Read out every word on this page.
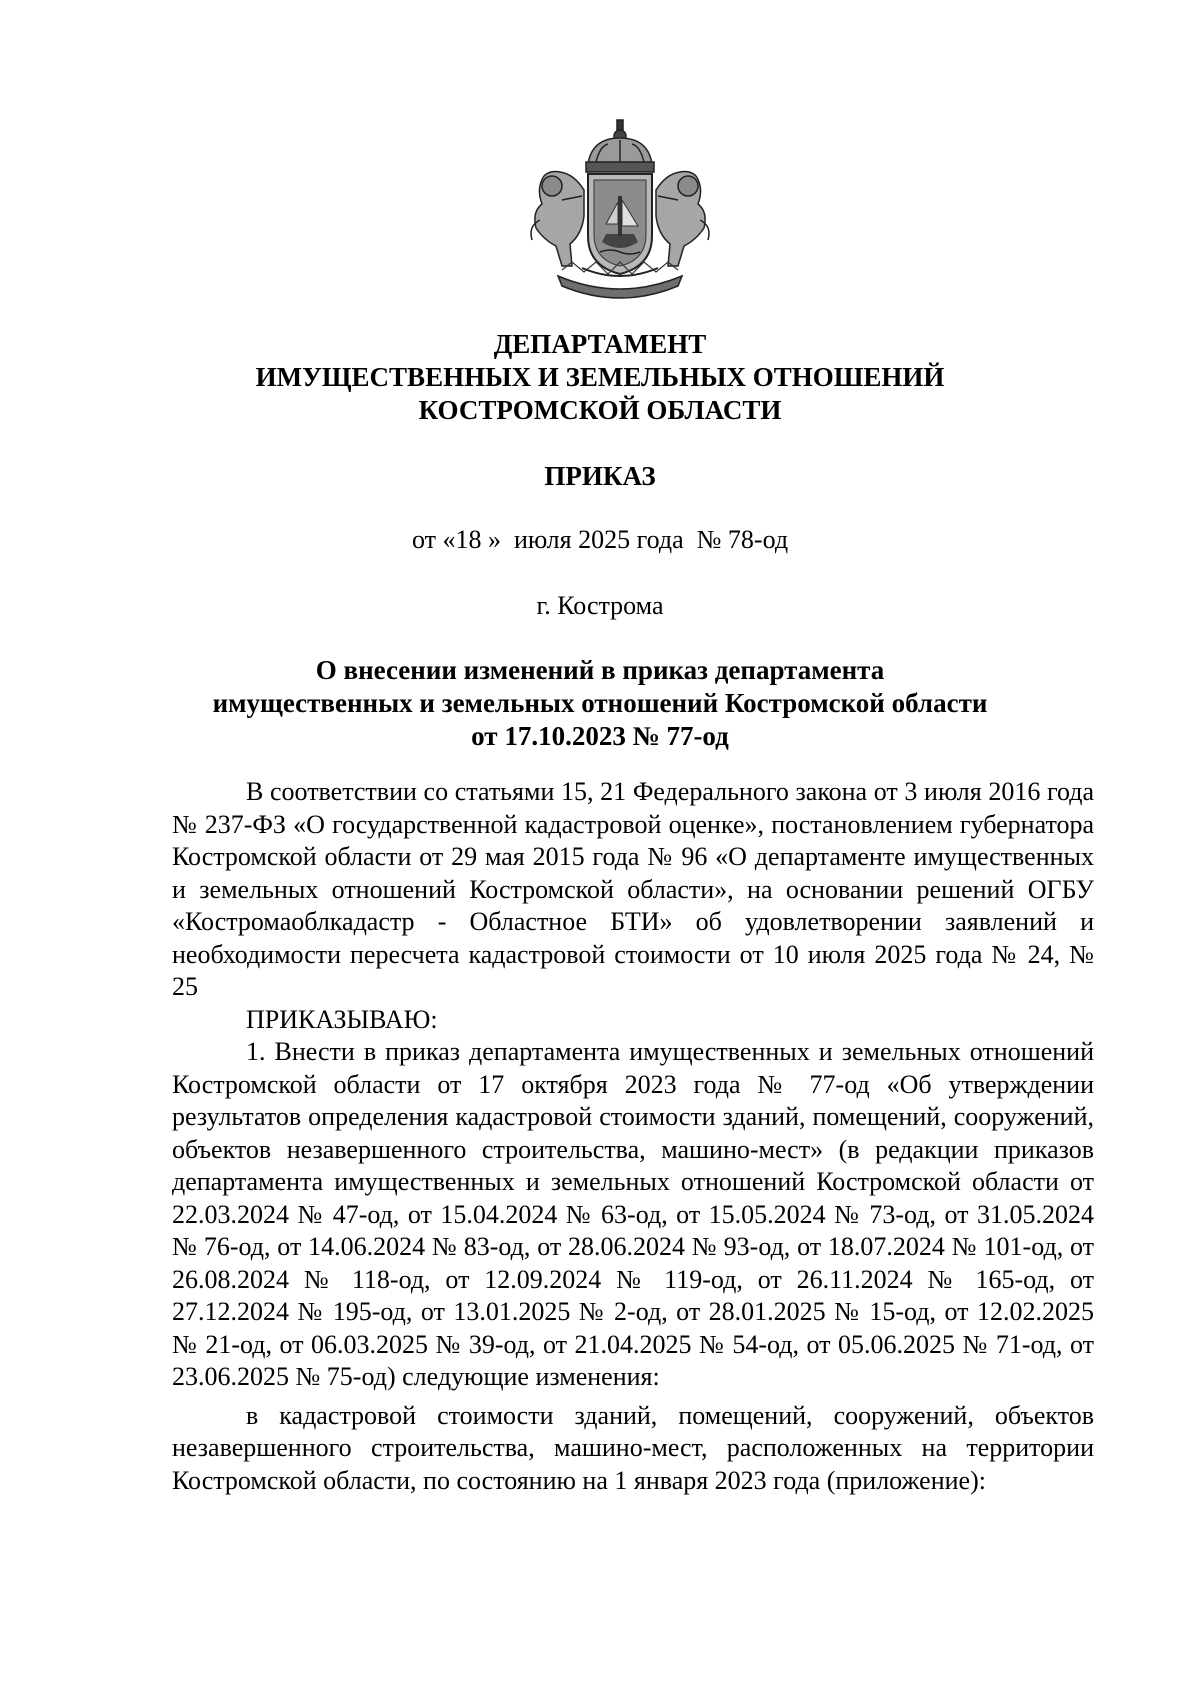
ДЕПАРТАМЕНТ
ИМУЩЕСТВЕННЫХ И ЗЕМЕЛЬНЫХ ОТНОШЕНИЙ
КОСТРОМСКОЙ ОБЛАСТИ
ПРИКАЗ
от «18 »  июля 2025 года  № 78-од
г. Кострома
О внесении изменений в приказ департамента
имущественных и земельных отношений Костромской области
от 17.10.2023 № 77-од

В соответствии со статьями 15, 21 Федерального закона от 3 июля 2016 года № 237-ФЗ «О государственной кадастровой оценке», постановлением губернатора Костромской области от 29 мая 2015 года № 96 «О департаменте имущественных и земельных отношений Костромской области», на основании решений ОГБУ «Костромаоблкадастр - Областное БТИ» об удовлетворении заявлений и необходимости пересчета кадастровой стоимости от 10 июля 2025 года № 24, № 25

ПРИКАЗЫВАЮ:

1. Внести в приказ департамента имущественных и земельных отношений Костромской области от 17 октября 2023 года № 77-од «Об утверждении результатов определения кадастровой стоимости зданий, помещений, сооружений, объектов незавершенного строительства, машино-мест» (в редакции приказов департамента имущественных и земельных отношений Костромской области от 22.03.2024 № 47-од, от 15.04.2024 № 63-од, от 15.05.2024 № 73-од, от 31.05.2024 № 76-од, от 14.06.2024 № 83-од, от 28.06.2024 № 93-од, от 18.07.2024 № 101-од, от 26.08.2024 № 118-од, от 12.09.2024 № 119-од, от 26.11.2024 № 165-од, от 27.12.2024 № 195-од, от 13.01.2025 № 2-од, от 28.01.2025 № 15-од, от 12.02.2025 № 21-од, от 06.03.2025 № 39-од, от 21.04.2025 № 54-од, от 05.06.2025 № 71-од, от 23.06.2025 № 75-од) следующие изменения:

в кадастровой стоимости зданий, помещений, сооружений, объектов незавершенного строительства, машино-мест, расположенных на территории Костромской области, по состоянию на 1 января 2023 года (приложение):
